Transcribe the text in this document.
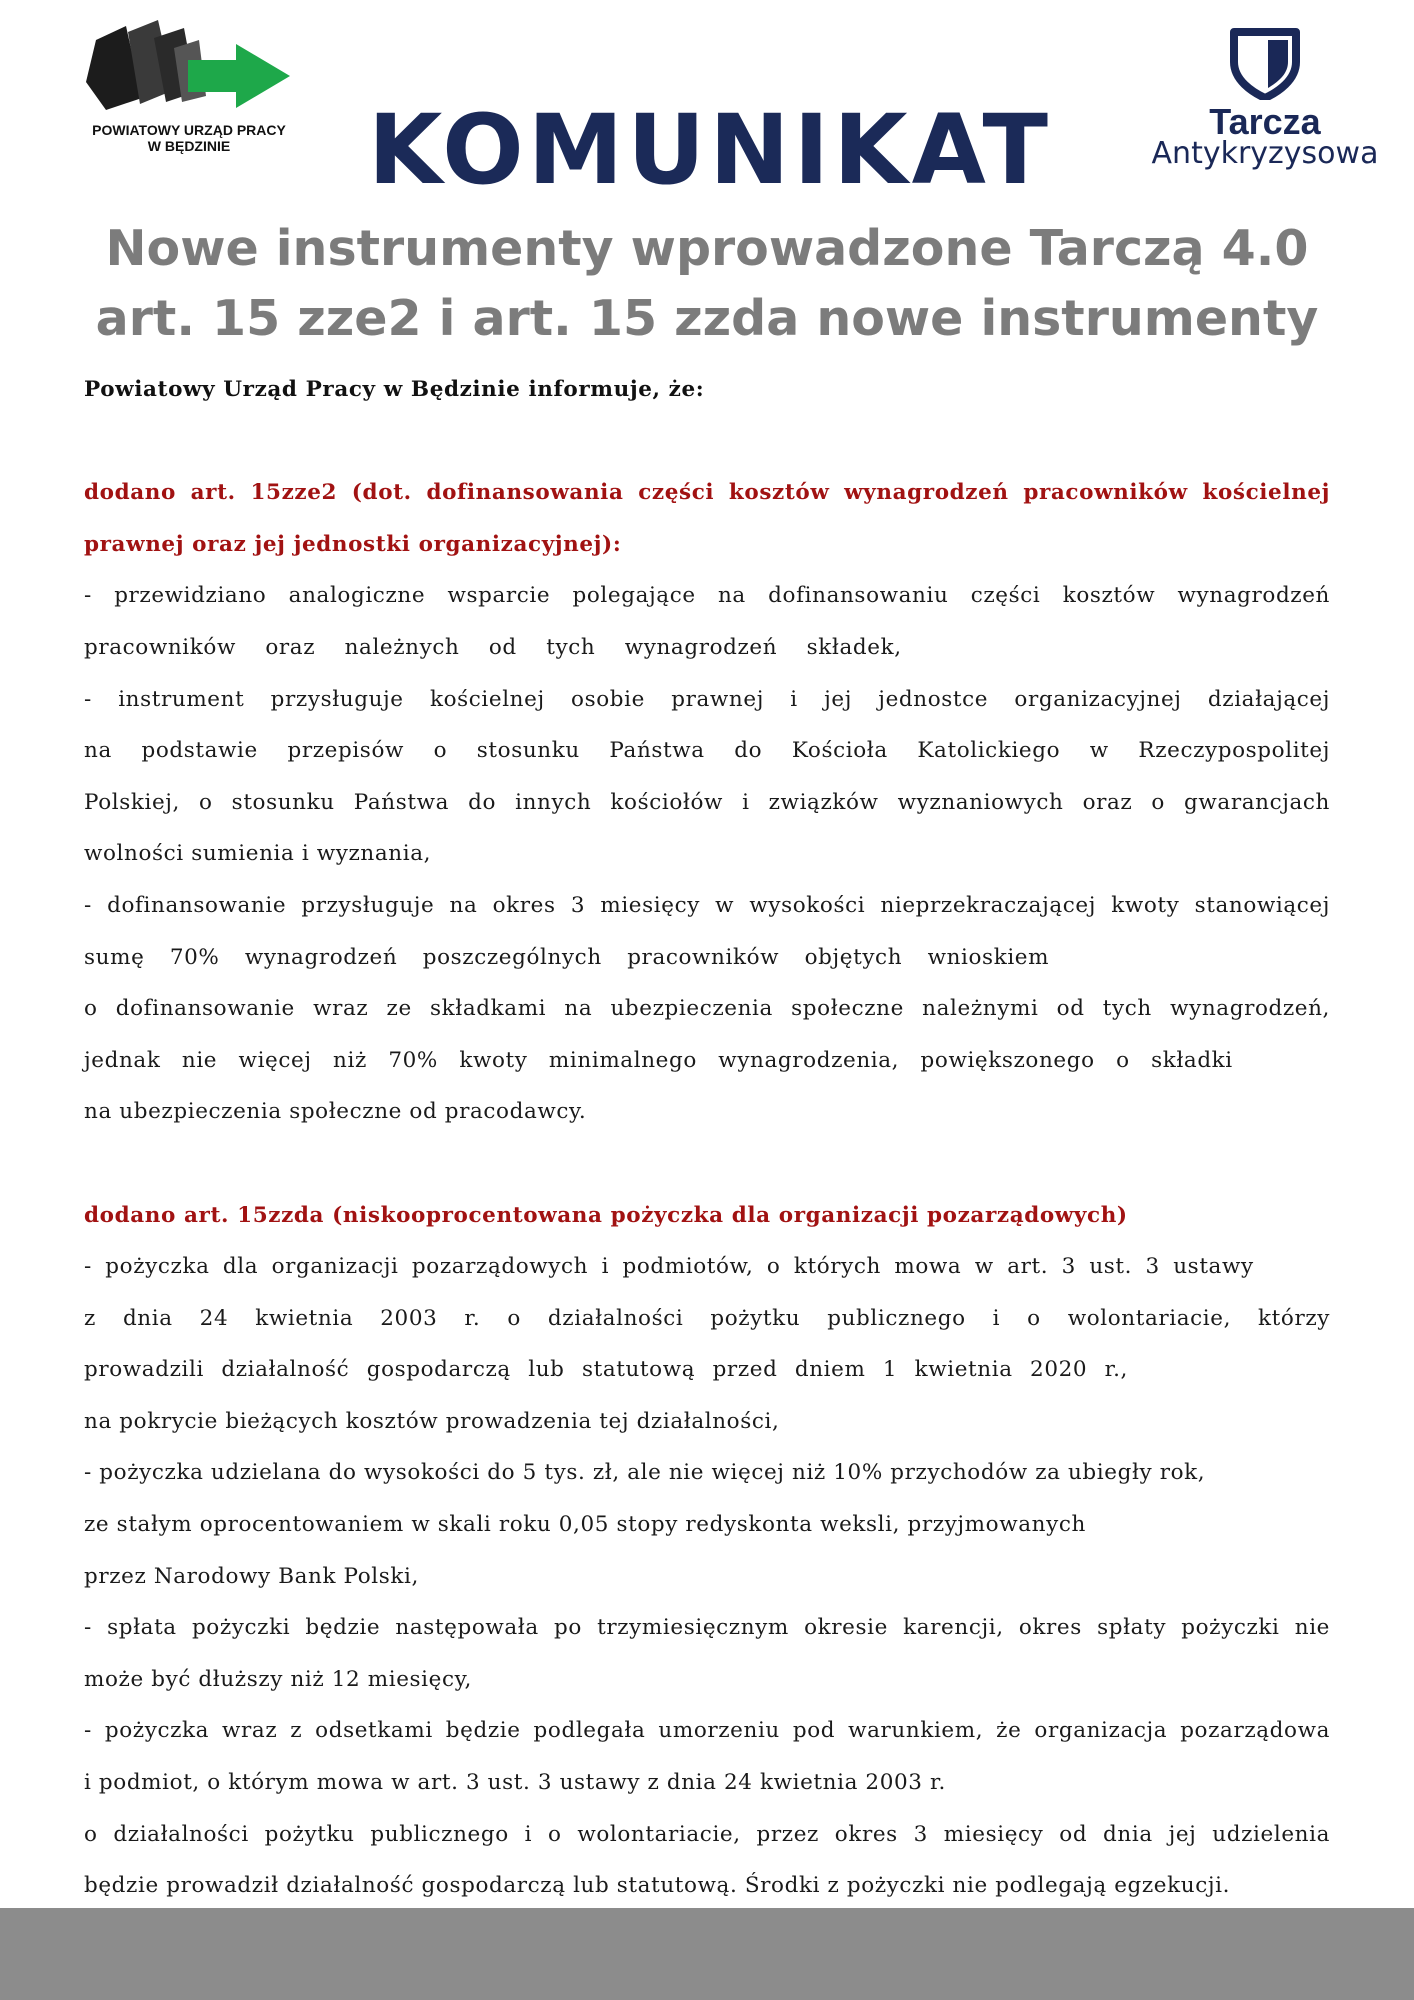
POWIATOWY URZĄD PRACY
W BĘDZINIE	KOMUNIKAT	Tarcza
Antykryzysowa
Nowe instrumenty wprowadzone Tarczą 4.0
art. 15 zze2 i art. 15 zzda nowe instrumenty
Powiatowy Urząd Pracy w Będzinie informuje, że:
dodano art. 15zze2 (dot. dofinansowania części kosztów wynagrodzeń pracowników kościelnej
prawnej oraz jej jednostki organizacyjnej):
- przewidziano analogiczne wsparcie polegające na dofinansowaniu części kosztów wynagrodzeń
pracowników oraz należnych od tych wynagrodzeń składek,
- instrument przysługuje kościelnej osobie prawnej i jej jednostce organizacyjnej działającej
na podstawie przepisów o stosunku Państwa do Kościoła Katolickiego w Rzeczypospolitej
Polskiej, o stosunku Państwa do innych kościołów i związków wyznaniowych oraz o gwarancjach
wolności sumienia i wyznania,
- dofinansowanie przysługuje na okres 3 miesięcy w wysokości nieprzekraczającej kwoty stanowiącej
sumę 70% wynagrodzeń poszczególnych pracowników objętych wnioskiem
o dofinansowanie wraz ze składkami na ubezpieczenia społeczne należnymi od tych wynagrodzeń,
jednak nie więcej niż 70% kwoty minimalnego wynagrodzenia, powiększonego o składki
na ubezpieczenia społeczne od pracodawcy.
dodano art. 15zzda (niskooprocentowana pożyczka dla organizacji pozarządowych)
- pożyczka dla organizacji pozarządowych i podmiotów, o których mowa w art. 3 ust. 3 ustawy
z dnia 24 kwietnia 2003 r. o działalności pożytku publicznego i o wolontariacie, którzy
prowadzili działalność gospodarczą lub statutową przed dniem 1 kwietnia 2020 r.,
na pokrycie bieżących kosztów prowadzenia tej działalności,
- pożyczka udzielana do wysokości do 5 tys. zł, ale nie więcej niż 10% przychodów za ubiegły rok,
ze stałym oprocentowaniem w skali roku 0,05 stopy redyskonta weksli, przyjmowanych
przez Narodowy Bank Polski,
- spłata pożyczki będzie następowała po trzymiesięcznym okresie karencji, okres spłaty pożyczki nie
może być dłuższy niż 12 miesięcy,
- pożyczka wraz z odsetkami będzie podlegała umorzeniu pod warunkiem, że organizacja pozarządowa
i podmiot, o którym mowa w art. 3 ust. 3 ustawy z dnia 24 kwietnia 2003 r.
o działalności pożytku publicznego i o wolontariacie, przez okres 3 miesięcy od dnia jej udzielenia
będzie prowadził działalność gospodarczą lub statutową. Środki z pożyczki nie podlegają egzekucji.
